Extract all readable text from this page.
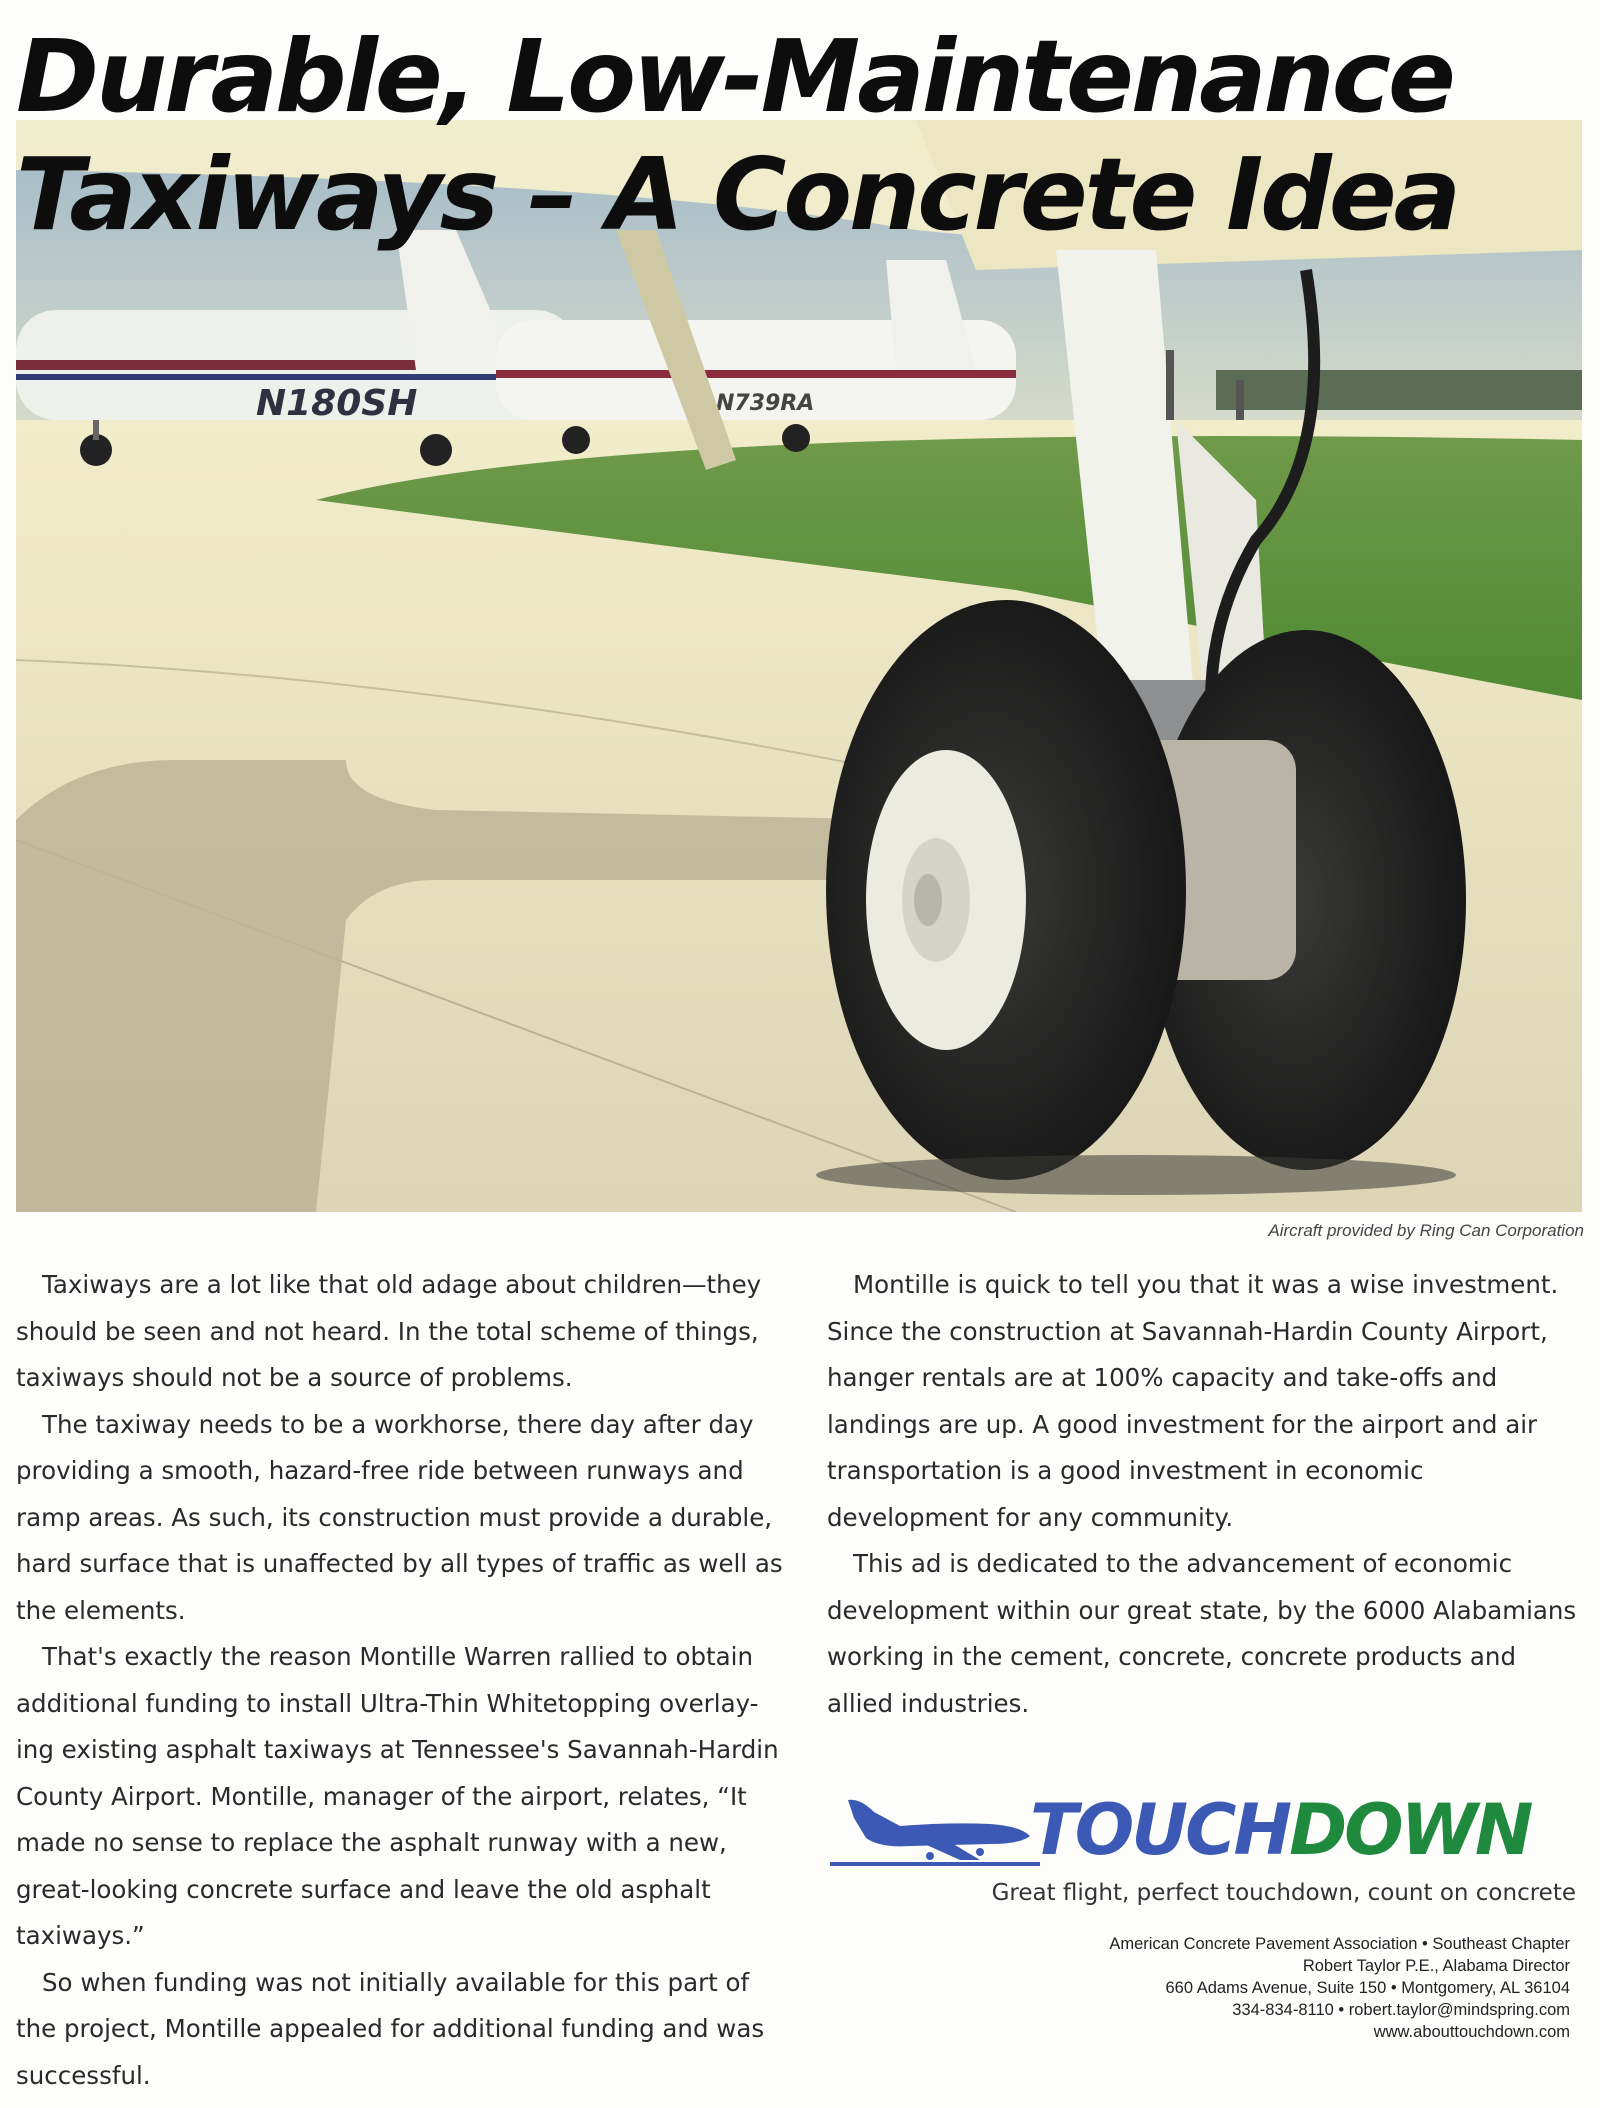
N180SH	N739RA
Durable, Low-Maintenance
Taxiways – A Concrete Idea
Aircraft provided by Ring Can Corporation

Taxiways are a lot like that old adage about children—they should be seen and not heard. In the total scheme of things, taxiways should not be a source of problems.

The taxiway needs to be a workhorse, there day after day providing a smooth, hazard-free ride between runways and ramp areas. As such, its construction must provide a durable, hard surface that is unaffected by all types of traffic as well as the elements.

That's exactly the reason Montille Warren rallied to obtain additional funding to install Ultra-Thin Whitetopping overlay-ing existing asphalt taxiways at Tennessee's Savannah-Hardin County Airport. Montille, manager of the airport, relates, “It made no sense to replace the asphalt runway with a new, great-looking concrete surface and leave the old asphalt taxiways.”

So when funding was not initially available for this part of the project, Montille appealed for additional funding and was successful.

Montille is quick to tell you that it was a wise investment. Since the construction at Savannah-Hardin County Airport, hanger rentals are at 100% capacity and take-offs and landings are up. A good investment for the airport and air transportation is a good investment in economic development for any community.

This ad is dedicated to the advancement of economic development within our great state, by the 6000 Alabamians working in the cement, concrete, concrete products and allied industries.

TOUCHDOWN
Great flight, perfect touchdown, count on concrete
American Concrete Pavement Association • Southeast Chapter
Robert Taylor P.E., Alabama Director
660 Adams Avenue, Suite 150 • Montgomery, AL 36104
334-834-8110 • robert.taylor@mindspring.com
www.abouttouchdown.com
